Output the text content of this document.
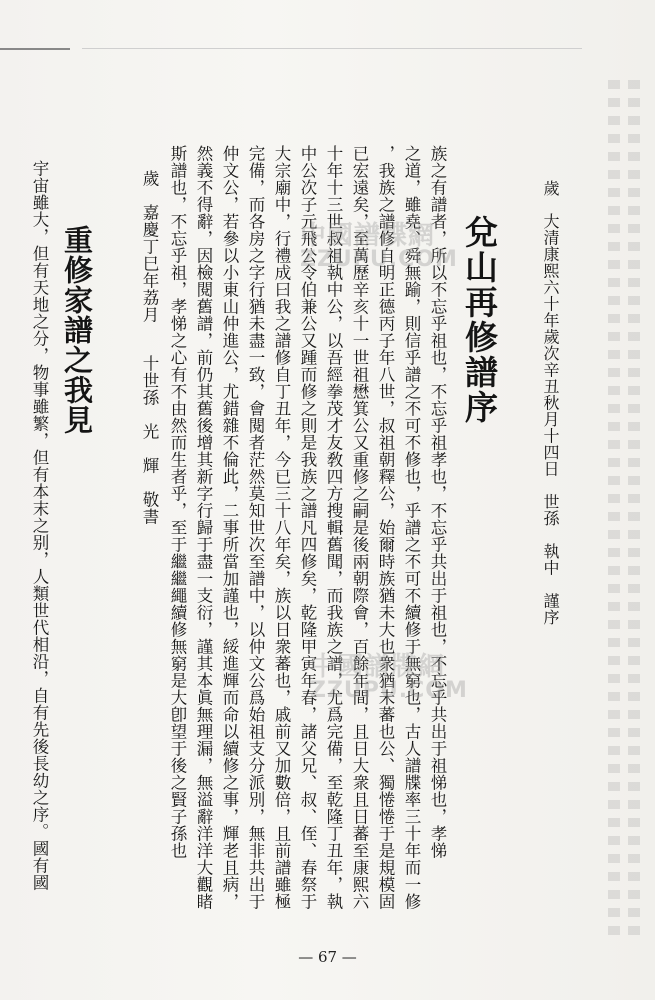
兌山再修譜序	歲　大清康熙六十年歲次辛丑秋月十四日　世孫　執中　謹序
族之有譜者，所以不忘乎祖也，不忘乎祖孝也，不忘乎共出于祖也，不忘乎共出于祖悌也，孝悌
之道，雖堯、舜無踰，則信乎譜之不可不修也，乎譜之不可不續修于無窮也，古人譜牒率三十年而一修
，我族之譜修自明正德丙子年八世，叔祖朝釋公，始爾時族猶未大也衆猶未蕃也公、獨惓惓于是規模固
已宏遠矣，至萬歷辛亥十一世祖懋箕公又重修之嗣是後兩朝際會，百餘年間，且日大衆且日蕃至康熙六
十年十三世叔祖執中公，以吾經拳茂才友敎四方搜輯舊聞，而我族之譜，尤爲完備，至乾隆丁丑年，執
中公次子元飛公令伯兼公又踵而修之則是我族之譜凡四修矣，乾隆甲寅年春，諸父兄、叔、侄、春祭于
大宗廟中，行禮成曰我之譜修自丁丑年，今已三十八年矣，族以日衆蕃也，戚前又加數倍，且前譜雖極
完備，而各房之字行猶未盡一致，會閱者茫然莫知世次至譜中，以仲文公爲始祖支分派別，無非共出于
仲文公，若參以小東山仲進公，尤錯雜不倫此，二事所當加謹也，綏進輝而命以續修之事，輝老且病，
然義不得辭，因檢閱舊譜，前仍其舊後增其新字行歸于盡一支衍，謹其本眞無理漏，無溢辭洋洋大觀睹
斯譜也，不忘乎祖，孝悌之心有不由然而生者乎，至于繼繼繩續修無窮是大卽望于後之賢子孫也
歲　嘉慶丁巳年荔月
十世孫　光　輝　敬書
重修家譜之我見
宇宙雖大，但有天地之分，物事雖繁，但有本末之别，人類世代相沿，自有先後長幼之序。國有國	中國譜牒網
ZZUPU.COM
中國譜牒網
ZZUPU.COM
— 67 —
